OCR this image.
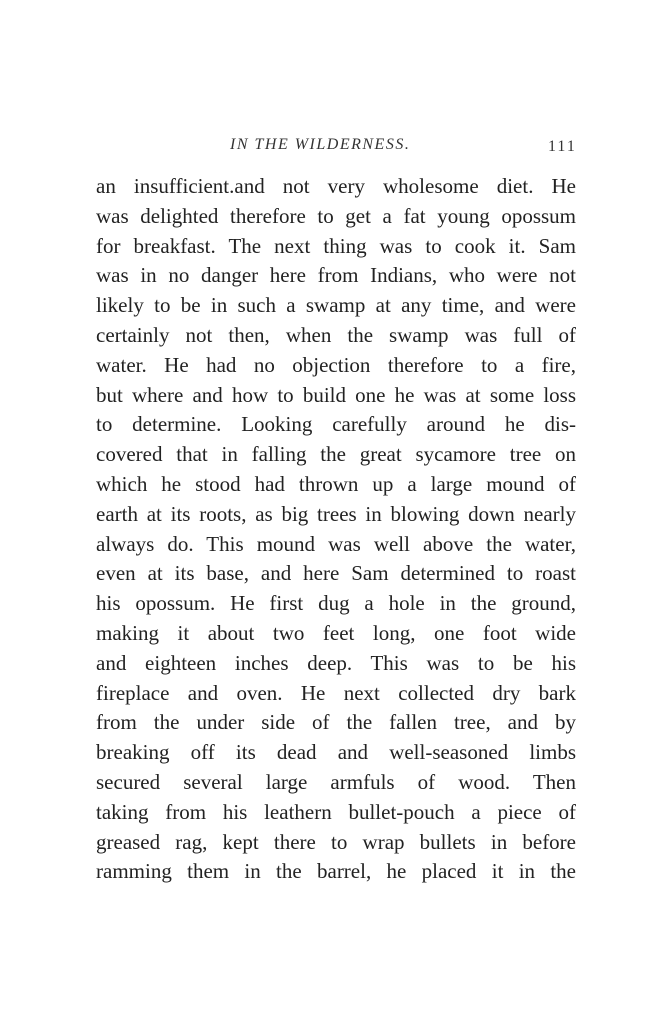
IN THE WILDERNESS.	111
an insufficient.and not very wholesome diet. He
was delighted therefore to get a fat young opossum
for breakfast. The next thing was to cook it. Sam
was in no danger here from Indians, who were not
likely to be in such a swamp at any time, and were
certainly not then, when the swamp was full of
water. He had no objection therefore to a fire,
but where and how to build one he was at some loss
to determine. Looking carefully around he dis-
covered that in falling the great sycamore tree on
which he stood had thrown up a large mound of
earth at its roots, as big trees in blowing down nearly
always do. This mound was well above the water,
even at its base, and here Sam determined to roast
his opossum. He first dug a hole in the ground,
making it about two feet long, one foot wide
and eighteen inches deep. This was to be his
fireplace and oven. He next collected dry bark
from the under side of the fallen tree, and by
breaking off its dead and well-seasoned limbs
secured several large armfuls of wood. Then
taking from his leathern bullet-pouch a piece of
greased rag, kept there to wrap bullets in before
ramming them in the barrel, he placed it in the
